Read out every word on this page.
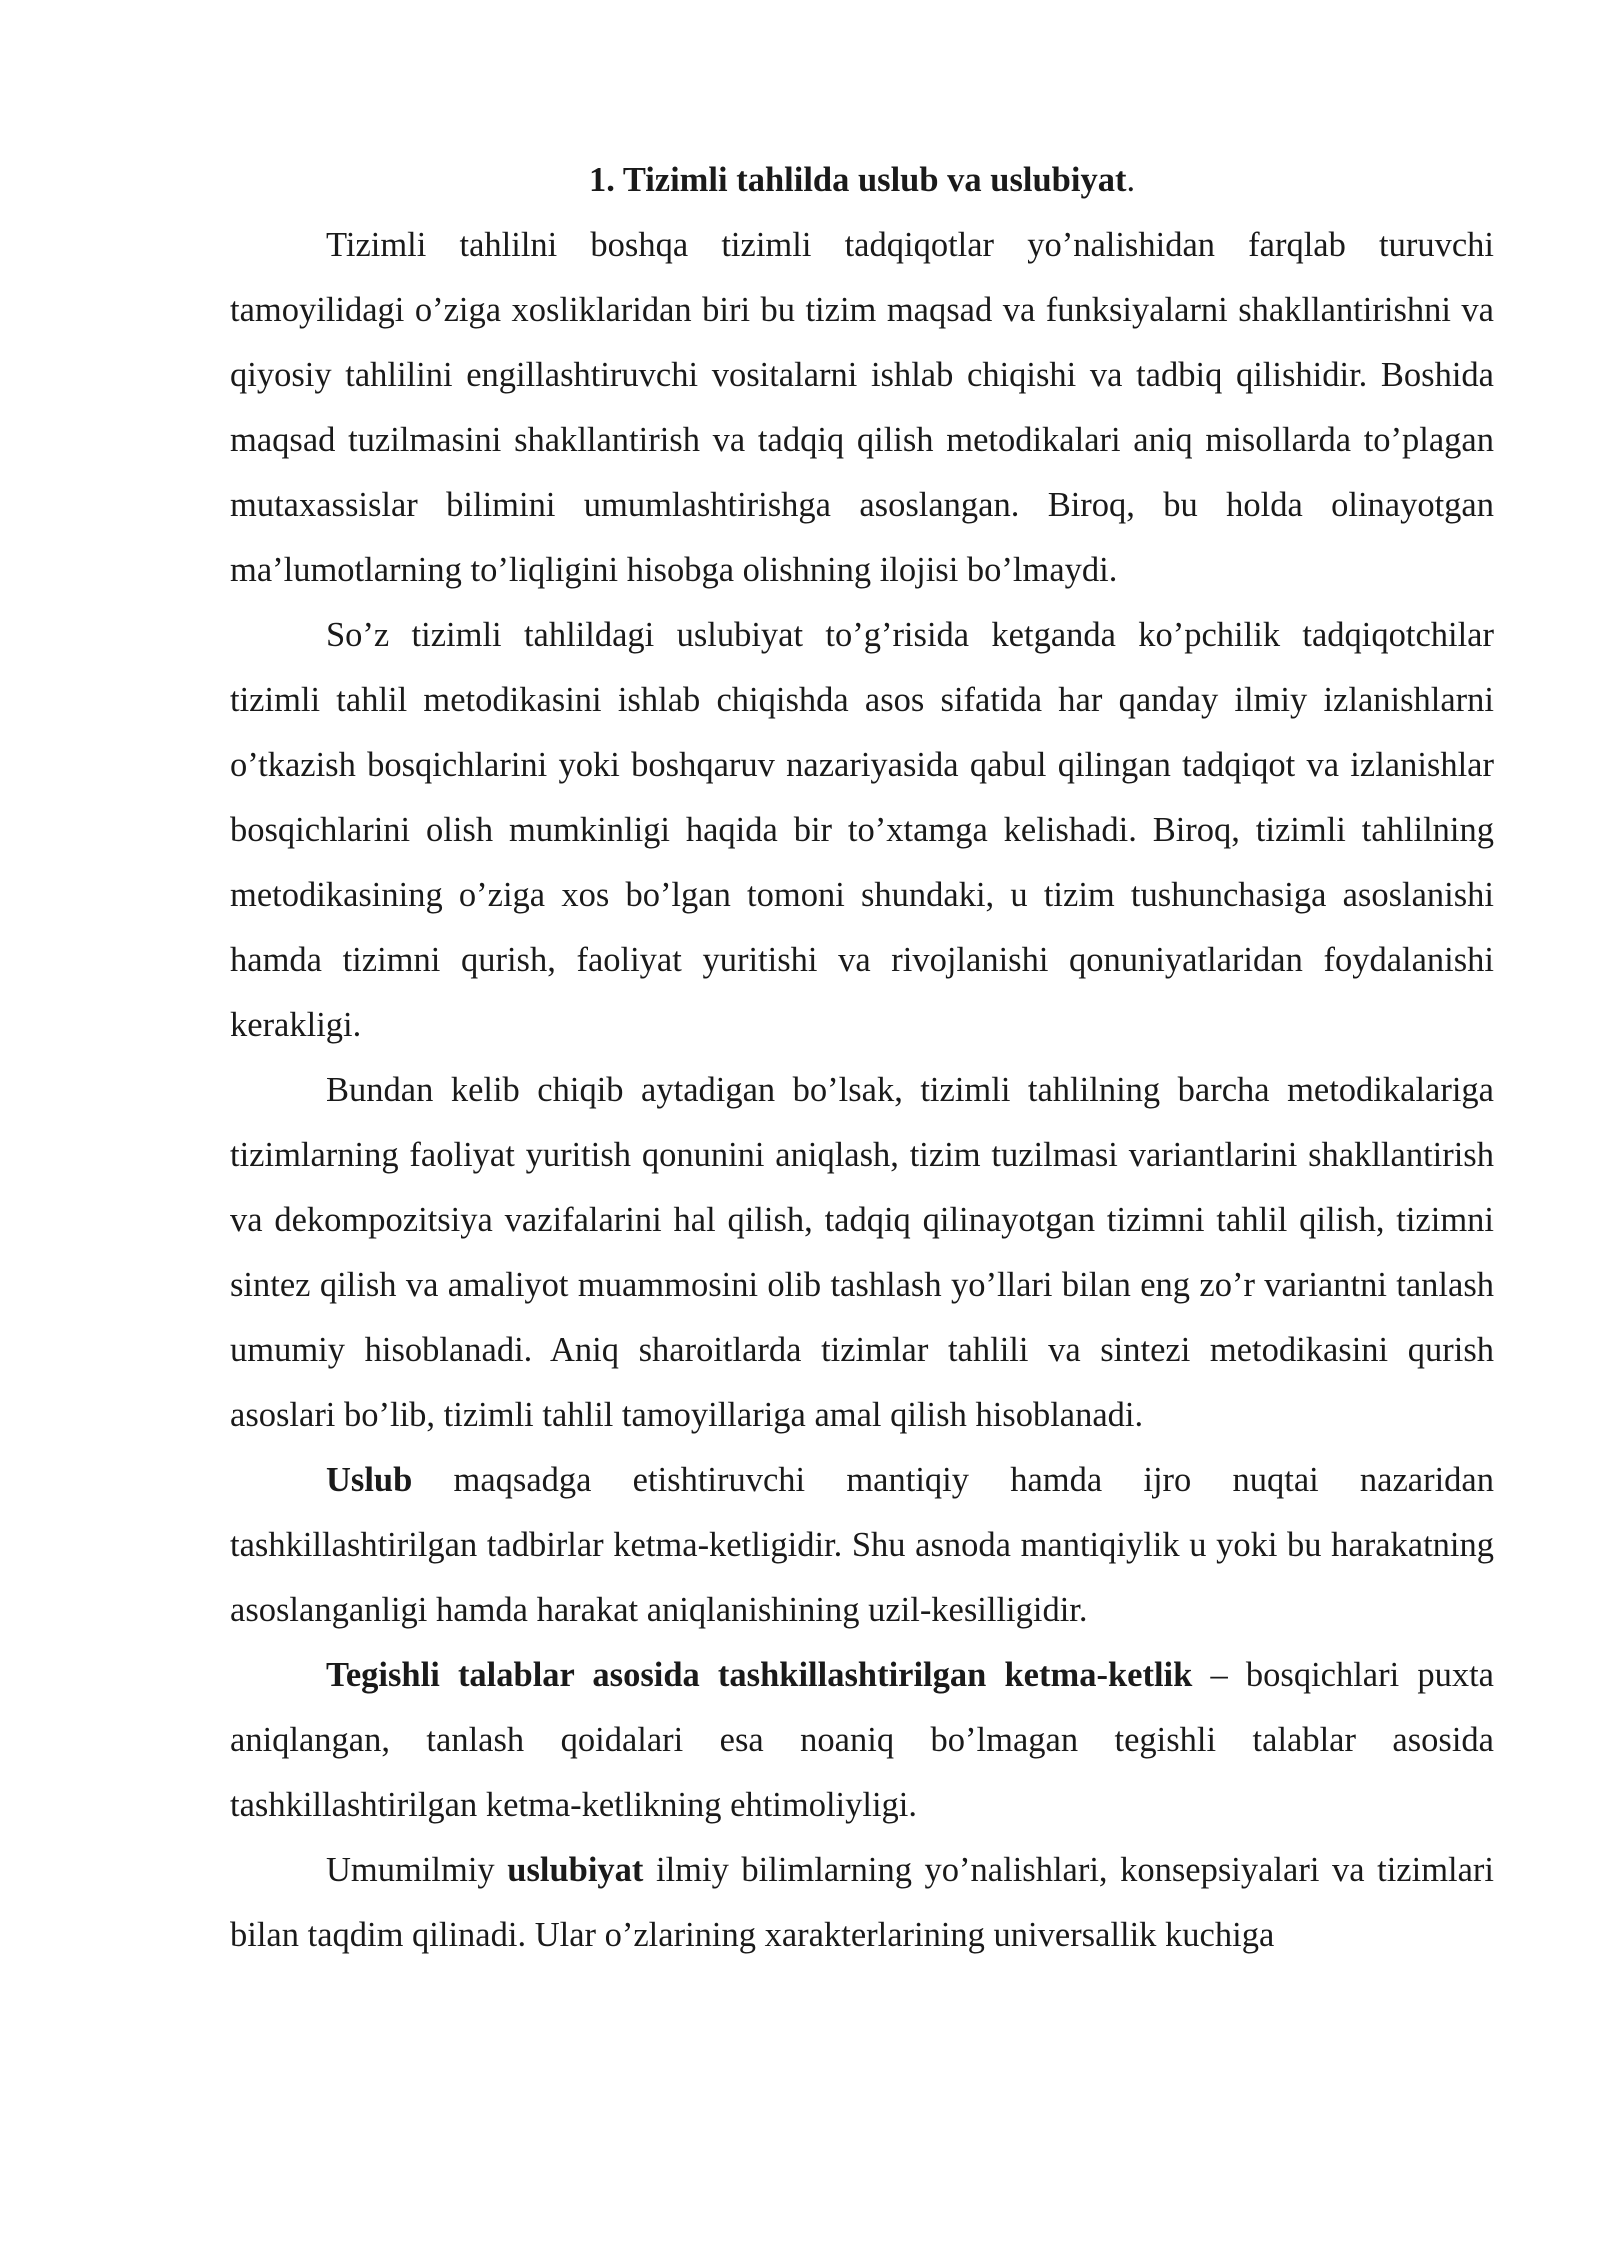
1. Tizimli tahlilda uslub va uslubiyat.

Tizimli tahlilni boshqa tizimli tadqiqotlar yo’nalishidan farqlab turuvchi tamoyilidagi o’ziga xosliklaridan biri bu tizim maqsad va funksiyalarni shakllantirishni va qiyosiy tahlilini engillashtiruvchi vositalarni ishlab chiqishi va tadbiq qilishidir. Boshida maqsad tuzilmasini shakllantirish va tadqiq qilish metodikalari aniq misollarda to’plagan mutaxassislar bilimini umumlashtirishga asoslangan. Biroq, bu holda olinayotgan ma’lumotlarning to’liqligini hisobga olishning ilojisi bo’lmaydi.

So’z tizimli tahlildagi uslubiyat to’g’risida ketganda ko’pchilik tadqiqotchilar tizimli tahlil metodikasini ishlab chiqishda asos sifatida har qanday ilmiy izlanishlarni o’tkazish bosqichlarini yoki boshqaruv nazariyasida qabul qilingan tadqiqot va izlanishlar bosqichlarini olish mumkinligi haqida bir to’xtamga kelishadi. Biroq, tizimli tahlilning metodikasining o’ziga xos bo’lgan tomoni shundaki, u tizim tushunchasiga asoslanishi hamda tizimni qurish, faoliyat yuritishi va rivojlanishi qonuniyatlaridan foydalanishi kerakligi.

Bundan kelib chiqib aytadigan bo’lsak, tizimli tahlilning barcha metodikalariga tizimlarning faoliyat yuritish qonunini aniqlash, tizim tuzilmasi variantlarini shakllantirish va dekompozitsiya vazifalarini hal qilish, tadqiq qilinayotgan tizimni tahlil qilish, tizimni sintez qilish va amaliyot muammosini olib tashlash yo’llari bilan eng zo’r variantni tanlash umumiy hisoblanadi. Aniq sharoitlarda tizimlar tahlili va sintezi metodikasini qurish asoslari bo’lib, tizimli tahlil tamoyillariga amal qilish hisoblanadi.

Uslub maqsadga etishtiruvchi mantiqiy hamda ijro nuqtai nazaridan tashkillashtirilgan tadbirlar ketma-ketligidir. Shu asnoda mantiqiylik u yoki bu harakatning asoslanganligi hamda harakat aniqlanishining uzil-kesilligidir.

Tegishli talablar asosida tashkillashtirilgan ketma-ketlik – bosqichlari puxta aniqlangan, tanlash qoidalari esa noaniq bo’lmagan tegishli talablar asosida tashkillashtirilgan ketma-ketlikning ehtimoliyligi.

Umumilmiy uslubiyat ilmiy bilimlarning yo’nalishlari, konsepsiyalari va tizimlari bilan taqdim qilinadi. Ular o’zlarining xarakterlarining universallik kuchiga
